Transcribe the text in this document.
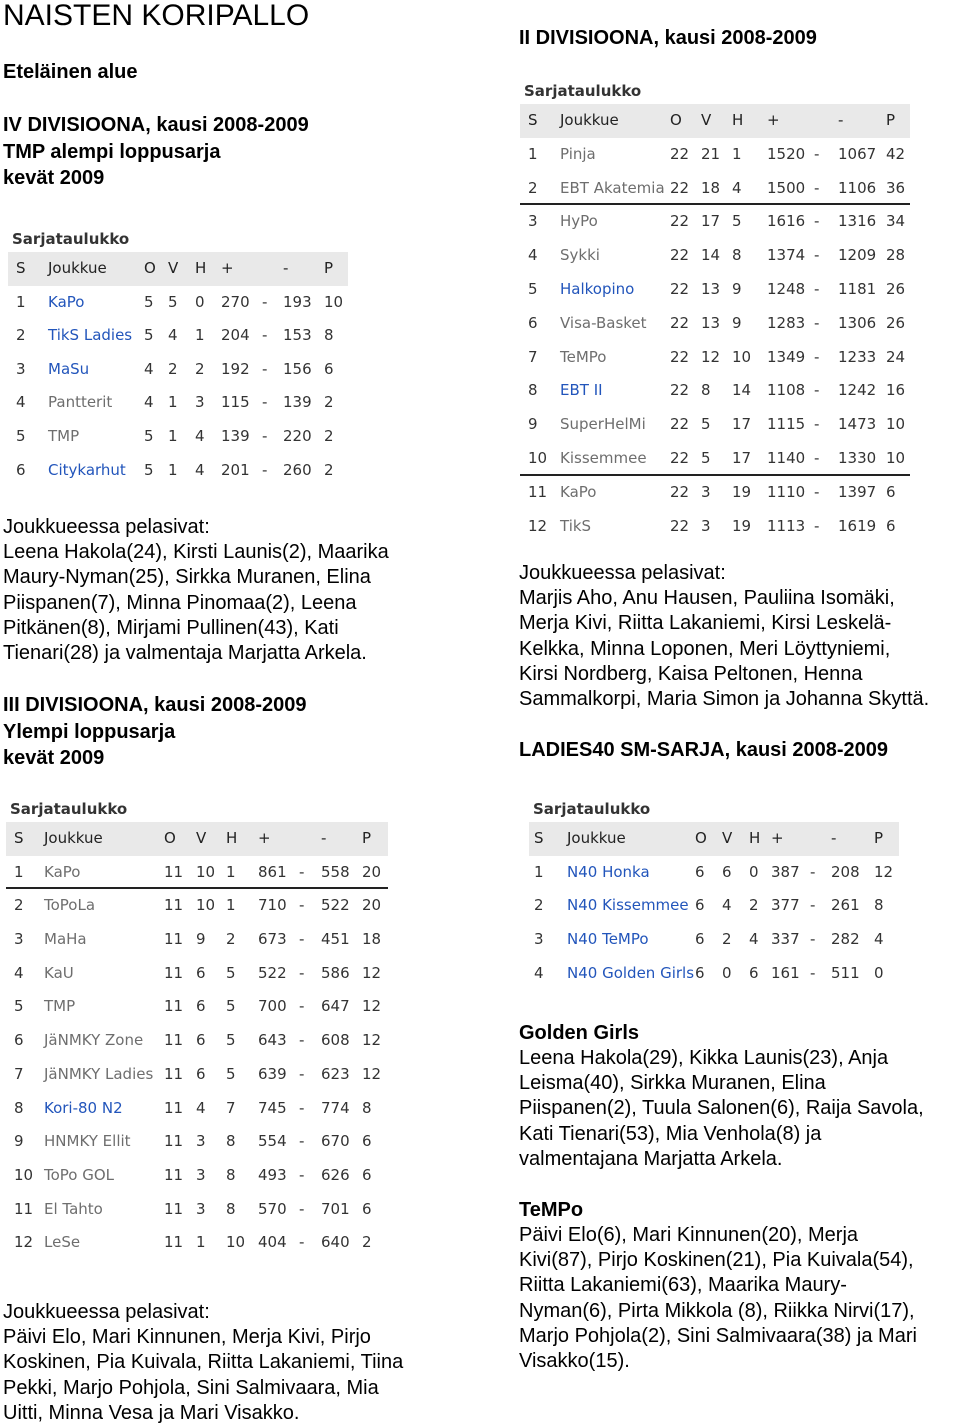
NAISTEN KORIPALLO
Eteläinen alue
IV DIVISIOONA, kausi 2008-2009
TMP alempi loppusarja
kevät 2009
Sarjataulukko
S Joukkue O V H +	- P
1 KaPo	5 5 0 270 - 193 10
2 TikS Ladies 5 4 1 204 - 153 8
3 MaSu	4 2 2 192 - 156 6
4 Pantterit 4 1 3 115 - 139 2
5 TMP	5 1 4 139 - 220 2
6 Citykarhut 5 1 4 201 - 260 2
Joukkueessa pelasivat:
Leena Hakola(24), Kirsti Launis(2), Maarika
Maury-Nyman(25), Sirkka Muranen, Elina
Piispanen(7), Minna Pinomaa(2), Leena
Pitkänen(8), Mirjami Pullinen(43), Kati
Tienari(28) ja valmentaja Marjatta Arkela.
III DIVISIOONA, kausi 2008-2009
Ylempi loppusarja
kevät 2009
Sarjataulukko
S Joukkue	O V H +	- P
1 KaPo	11 10 1 861 - 558 20
2 ToPoLa	11 10 1 710 - 522 20
3 MaHa	11 9 2 673 - 451 18
4 KaU	11 6 5 522 - 586 12
5 TMP	11 6 5 700 - 647 12
6 JäNMKY Zone 11 6 5 643 - 608 12
7 JäNMKY Ladies 11 6 5 639 - 623 12
8 Kori-80 N2	11 4 7 745 - 774 8
9 HNMKY Ellit 11 3 8 554 - 670 6
10 ToPo GOL	11 3 8 493 - 626 6
11 El Tahto	11 3 8 570 - 701 6
12 LeSe	11 1 10 404 - 640 2
Joukkueessa pelasivat:
Päivi Elo, Mari Kinnunen, Merja Kivi, Pirjo
Koskinen, Pia Kuivala, Riitta Lakaniemi, Tiina
Pekki, Marjo Pohjola, Sini Salmivaara, Mia
Uitti, Minna Vesa ja Mari Visakko.
II DIVISIOONA, kausi 2008-2009
Sarjataulukko
S Joukkue	O V H +	-	P
1 Pinja	22 21 1 1520 - 1067 42
2 EBT Akatemia 22 18 4 1500 - 1106 36
3 HyPo	22 17 5 1616 - 1316 34
4 Sykki	22 14 8 1374 - 1209 28
5 Halkopino 22 13 9 1248 - 1181 26
6 Visa-Basket 22 13 9 1283 - 1306 26
7 TeMPo	22 12 10 1349 - 1233 24
8 EBT II	22 8 14 1108 - 1242 16
9 SuperHelMi 22 5 17 1115 - 1473 10
10 Kissemmee 22 5 17 1140 - 1330 10
11 KaPo	22 3 19 1110 - 1397 6
12 TikS	22 3 19 1113 - 1619 6
Joukkueessa pelasivat:
Marjis Aho, Anu Hausen, Pauliina Isomäki,
Merja Kivi, Riitta Lakaniemi, Kirsi Leskelä-
Kelkka, Minna Loponen, Meri Löyttyniemi,
Kirsi Nordberg, Kaisa Peltonen, Henna
Sammalkorpi, Maria Simon ja Johanna Skyttä.
LADIES40 SM-SARJA, kausi 2008-2009
Sarjataulukko
S Joukkue	O V H +	-	P
1 N40 Honka	6 6 0 387 - 208 12
2 N40 Kissemmee 6 4 2 377 - 261 8
3 N40 TeMPo	6 2 4 337 - 282 4
4 N40 Golden Girls 6 0 6 161 - 511 0
Golden Girls
Leena Hakola(29), Kikka Launis(23), Anja
Leisma(40), Sirkka Muranen, Elina
Piispanen(2), Tuula Salonen(6), Raija Savola,
Kati Tienari(53), Mia Venhola(8) ja
valmentajana Marjatta Arkela.
TeMPo
Päivi Elo(6), Mari Kinnunen(20), Merja
Kivi(87), Pirjo Koskinen(21), Pia Kuivala(54),
Riitta Lakaniemi(63), Maarika Maury-
Nyman(6), Pirta Mikkola (8), Riikka Nirvi(17),
Marjo Pohjola(2), Sini Salmivaara(38) ja Mari
Visakko(15).
